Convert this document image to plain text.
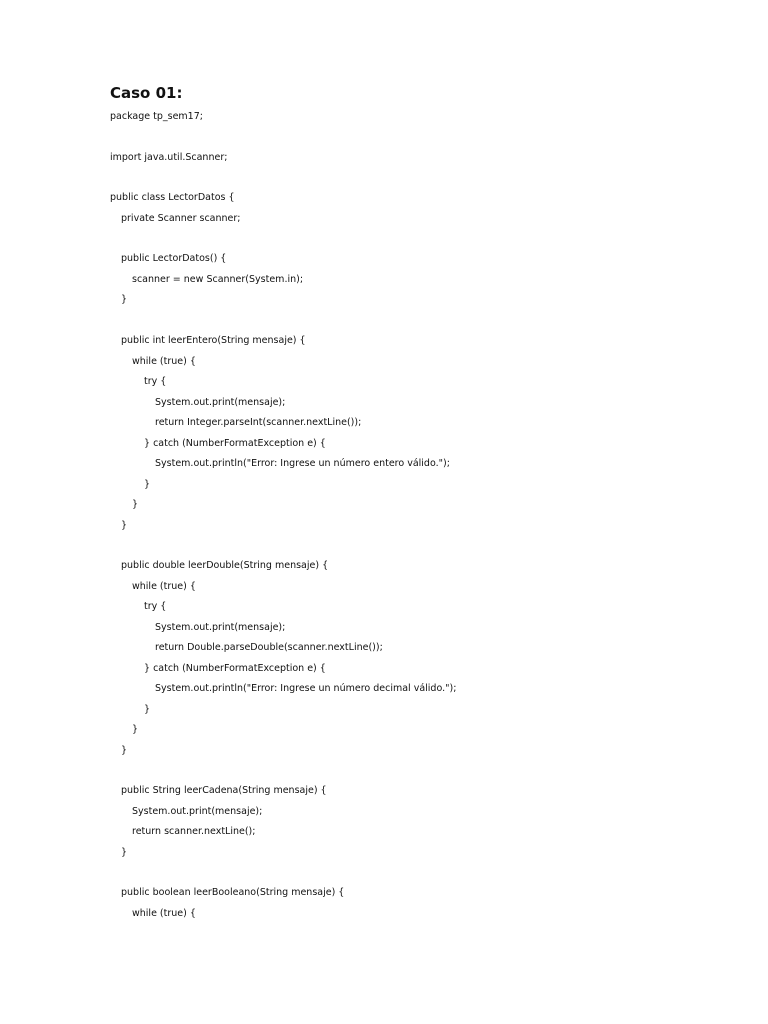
Caso 01:
package tp_sem17;
import java.util.Scanner;
public class LectorDatos {
private Scanner scanner;
public LectorDatos() {
scanner = new Scanner(System.in);
}
public int leerEntero(String mensaje) {
while (true) {
try {
System.out.print(mensaje);
return Integer.parseInt(scanner.nextLine());
} catch (NumberFormatException e) {
System.out.println("Error: Ingrese un número entero válido.");
}
}
}
public double leerDouble(String mensaje) {
while (true) {
try {
System.out.print(mensaje);
return Double.parseDouble(scanner.nextLine());
} catch (NumberFormatException e) {
System.out.println("Error: Ingrese un número decimal válido.");
}
}
}
public String leerCadena(String mensaje) {
System.out.print(mensaje);
return scanner.nextLine();
}
public boolean leerBooleano(String mensaje) {
while (true) {
